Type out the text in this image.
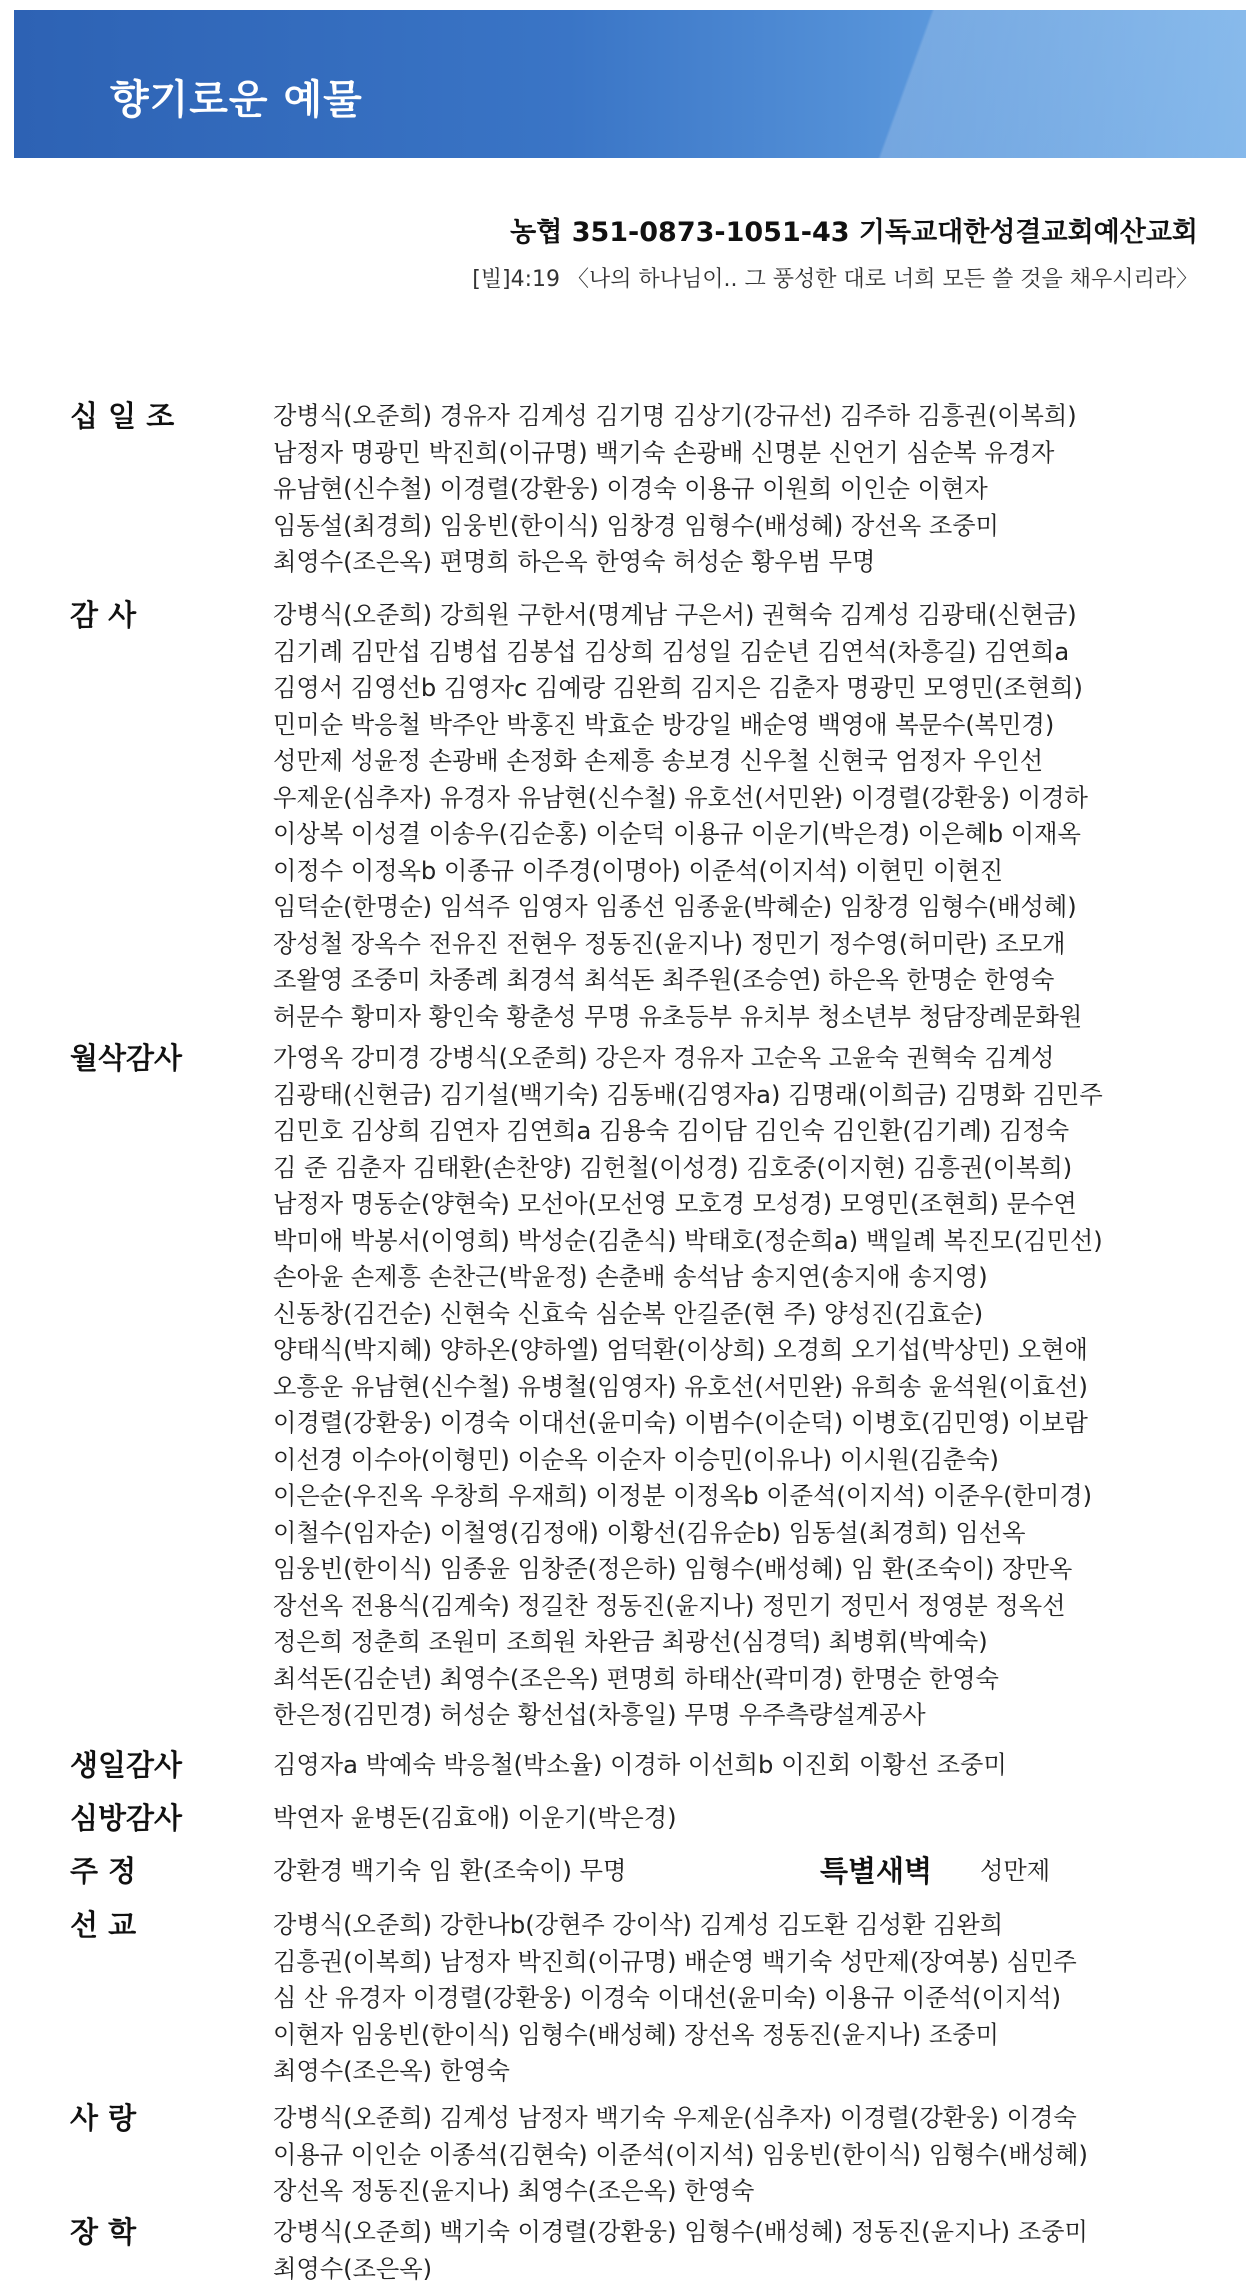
향기로운 예물
농협 351-0873-1051-43 기독교대한성결교회예산교회
[빌]4:19 〈나의 하나님이.. 그 풍성한 대로 너희 모든 쓸 것을 채우시리라〉
십 일 조	강병식(오준희) 경유자 김계성 김기명 김상기(강규선) 김주하 김흥권(이복희)
남정자 명광민 박진희(이규명) 백기숙 손광배 신명분 신언기 심순복 유경자
유남현(신수철) 이경렬(강환웅) 이경숙 이용규 이원희 이인순 이현자
임동설(최경희) 임웅빈(한이식) 임창경 임형수(배성혜) 장선옥 조중미
최영수(조은옥) 편명희 하은옥 한영숙 허성순 황우범 무명
감 사	강병식(오준희) 강희원 구한서(명계남 구은서) 권혁숙 김계성 김광태(신현금)
김기례 김만섭 김병섭 김봉섭 김상희 김성일 김순년 김연석(차흥길) 김연희a
김영서 김영선b 김영자c 김예랑 김완희 김지은 김춘자 명광민 모영민(조현희)
민미순 박응철 박주안 박홍진 박효순 방강일 배순영 백영애 복문수(복민경)
성만제 성윤정 손광배 손정화 손제흥 송보경 신우철 신현국 엄정자 우인선
우제운(심추자) 유경자 유남현(신수철) 유호선(서민완) 이경렬(강환웅) 이경하
이상복 이성결 이송우(김순홍) 이순덕 이용규 이운기(박은경) 이은혜b 이재옥
이정수 이정옥b 이종규 이주경(이명아) 이준석(이지석) 이현민 이현진
임덕순(한명순) 임석주 임영자 임종선 임종윤(박혜순) 임창경 임형수(배성혜)
장성철 장옥수 전유진 전현우 정동진(윤지나) 정민기 정수영(허미란) 조모개
조왈영 조중미 차종례 최경석 최석돈 최주원(조승연) 하은옥 한명순 한영숙
허문수 황미자 황인숙 황춘성 무명 유초등부 유치부 청소년부 청담장례문화원
월삭감사	가영옥 강미경 강병식(오준희) 강은자 경유자 고순옥 고윤숙 권혁숙 김계성
김광태(신현금) 김기설(백기숙) 김동배(김영자a) 김명래(이희금) 김명화 김민주
김민호 김상희 김연자 김연희a 김용숙 김이담 김인숙 김인환(김기례) 김정숙
김 준 김춘자 김태환(손찬양) 김헌철(이성경) 김호중(이지현) 김흥권(이복희)
남정자 명동순(양현숙) 모선아(모선영 모호경 모성경) 모영민(조현희) 문수연
박미애 박봉서(이영희) 박성순(김춘식) 박태호(정순희a) 백일례 복진모(김민선)
손아윤 손제흥 손찬근(박윤정) 손춘배 송석남 송지연(송지애 송지영)
신동창(김건순) 신현숙 신효숙 심순복 안길준(현 주) 양성진(김효순)
양태식(박지혜) 양하온(양하엘) 엄덕환(이상희) 오경희 오기섭(박상민) 오현애
오흥운 유남현(신수철) 유병철(임영자) 유호선(서민완) 유희송 윤석원(이효선)
이경렬(강환웅) 이경숙 이대선(윤미숙) 이범수(이순덕) 이병호(김민영) 이보람
이선경 이수아(이형민) 이순옥 이순자 이승민(이유나) 이시원(김춘숙)
이은순(우진옥 우창희 우재희) 이정분 이정옥b 이준석(이지석) 이준우(한미경)
이철수(임자순) 이철영(김정애) 이황선(김유순b) 임동설(최경희) 임선옥
임웅빈(한이식) 임종윤 임창준(정은하) 임형수(배성혜) 임 환(조숙이) 장만옥
장선옥 전용식(김계숙) 정길찬 정동진(윤지나) 정민기 정민서 정영분 정옥선
정은희 정춘희 조원미 조희원 차완금 최광선(심경덕) 최병휘(박예숙)
최석돈(김순년) 최영수(조은옥) 편명희 하태산(곽미경) 한명순 한영숙
한은정(김민경) 허성순 황선섭(차흥일) 무명 우주측량설계공사
생일감사	김영자a 박예숙 박응철(박소율) 이경하 이선희b 이진회 이황선 조중미
심방감사	박연자 윤병돈(김효애) 이운기(박은경)
주 정	강환경 백기숙 임 환(조숙이) 무명	특별새벽 성만제
선 교	강병식(오준희) 강한나b(강현주 강이삭) 김계성 김도환 김성환 김완희
김흥권(이복희) 남정자 박진희(이규명) 배순영 백기숙 성만제(장여봉) 심민주
심 산 유경자 이경렬(강환웅) 이경숙 이대선(윤미숙) 이용규 이준석(이지석)
이현자 임웅빈(한이식) 임형수(배성혜) 장선옥 정동진(윤지나) 조중미
최영수(조은옥) 한영숙
사 랑	강병식(오준희) 김계성 남정자 백기숙 우제운(심추자) 이경렬(강환웅) 이경숙
이용규 이인순 이종석(김현숙) 이준석(이지석) 임웅빈(한이식) 임형수(배성혜)
장선옥 정동진(윤지나) 최영수(조은옥) 한영숙
장 학	강병식(오준희) 백기숙 이경렬(강환웅) 임형수(배성혜) 정동진(윤지나) 조중미
최영수(조은옥)
